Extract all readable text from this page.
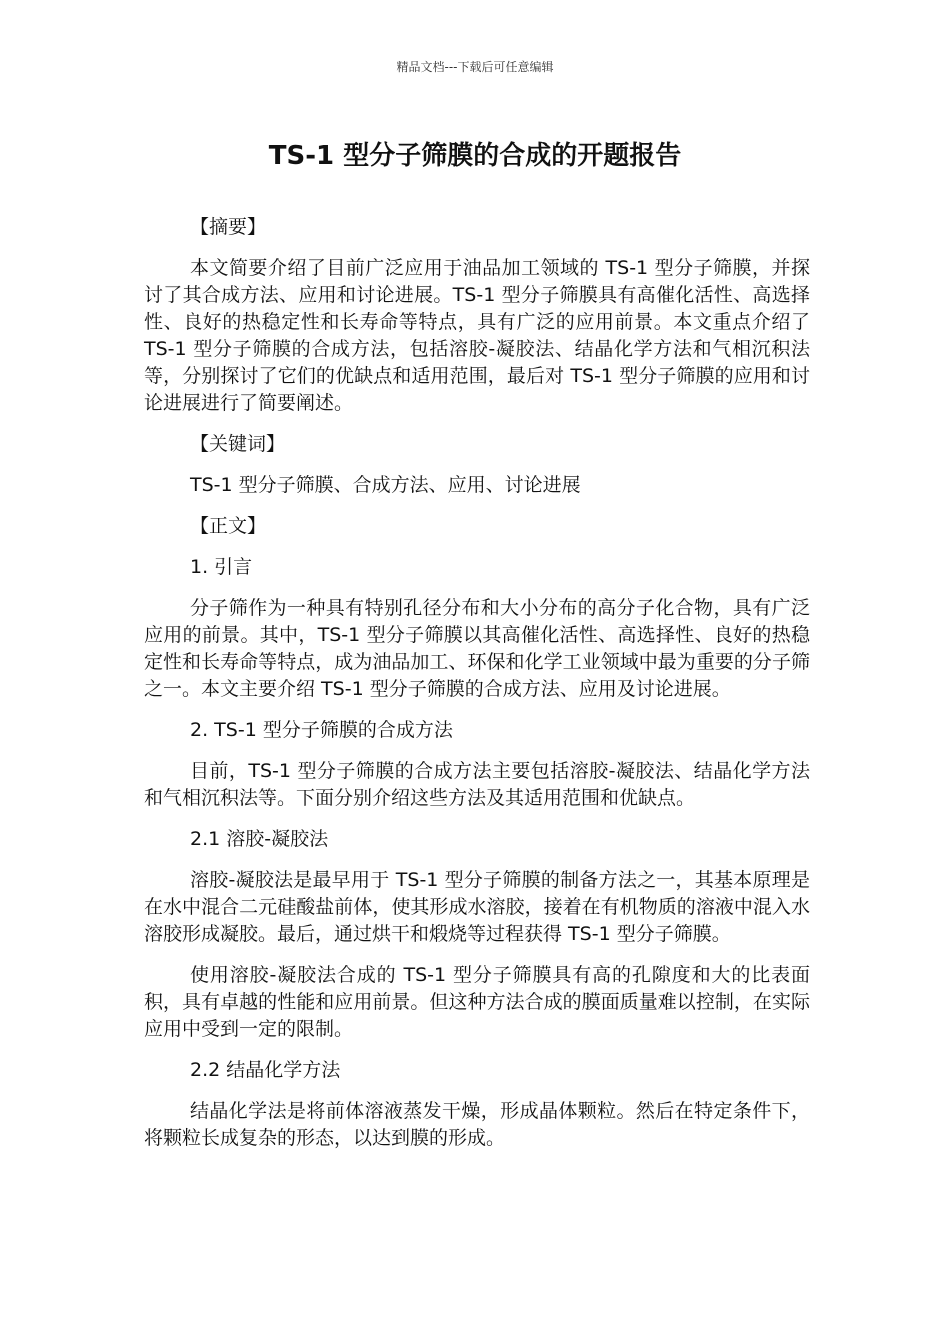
精品文档---下载后可任意编辑
TS-1 型分子筛膜的合成的开题报告

【摘要】

本文简要介绍了目前广泛应用于油品加工领域的 TS-1 型分子筛膜，并探讨了其合成方法、应用和讨论进展。TS-1 型分子筛膜具有高催化活性、高选择性、良好的热稳定性和长寿命等特点，具有广泛的应用前景。本文重点介绍了 TS-1 型分子筛膜的合成方法，包括溶胶-凝胶法、结晶化学方法和气相沉积法等，分别探讨了它们的优缺点和适用范围，最后对 TS-1 型分子筛膜的应用和讨论进展进行了简要阐述。

【关键词】

TS-1 型分子筛膜、合成方法、应用、讨论进展

【正文】

1. 引言

分子筛作为一种具有特别孔径分布和大小分布的高分子化合物，具有广泛应用的前景。其中，TS-1 型分子筛膜以其高催化活性、高选择性、良好的热稳定性和长寿命等特点，成为油品加工、环保和化学工业领域中最为重要的分子筛之一。本文主要介绍 TS-1 型分子筛膜的合成方法、应用及讨论进展。

2. TS-1 型分子筛膜的合成方法

目前，TS-1 型分子筛膜的合成方法主要包括溶胶-凝胶法、结晶化学方法和气相沉积法等。下面分别介绍这些方法及其适用范围和优缺点。

2.1 溶胶-凝胶法

溶胶-凝胶法是最早用于 TS-1 型分子筛膜的制备方法之一，其基本原理是在水中混合二元硅酸盐前体，使其形成水溶胶，接着在有机物质的溶液中混入水溶胶形成凝胶。最后，通过烘干和煅烧等过程获得 TS-1 型分子筛膜。

使用溶胶-凝胶法合成的 TS-1 型分子筛膜具有高的孔隙度和大的比表面积，具有卓越的性能和应用前景。但这种方法合成的膜面质量难以控制，在实际应用中受到一定的限制。

2.2 结晶化学方法

结晶化学法是将前体溶液蒸发干燥，形成晶体颗粒。然后在特定条件下，将颗粒长成复杂的形态，以达到膜的形成。
